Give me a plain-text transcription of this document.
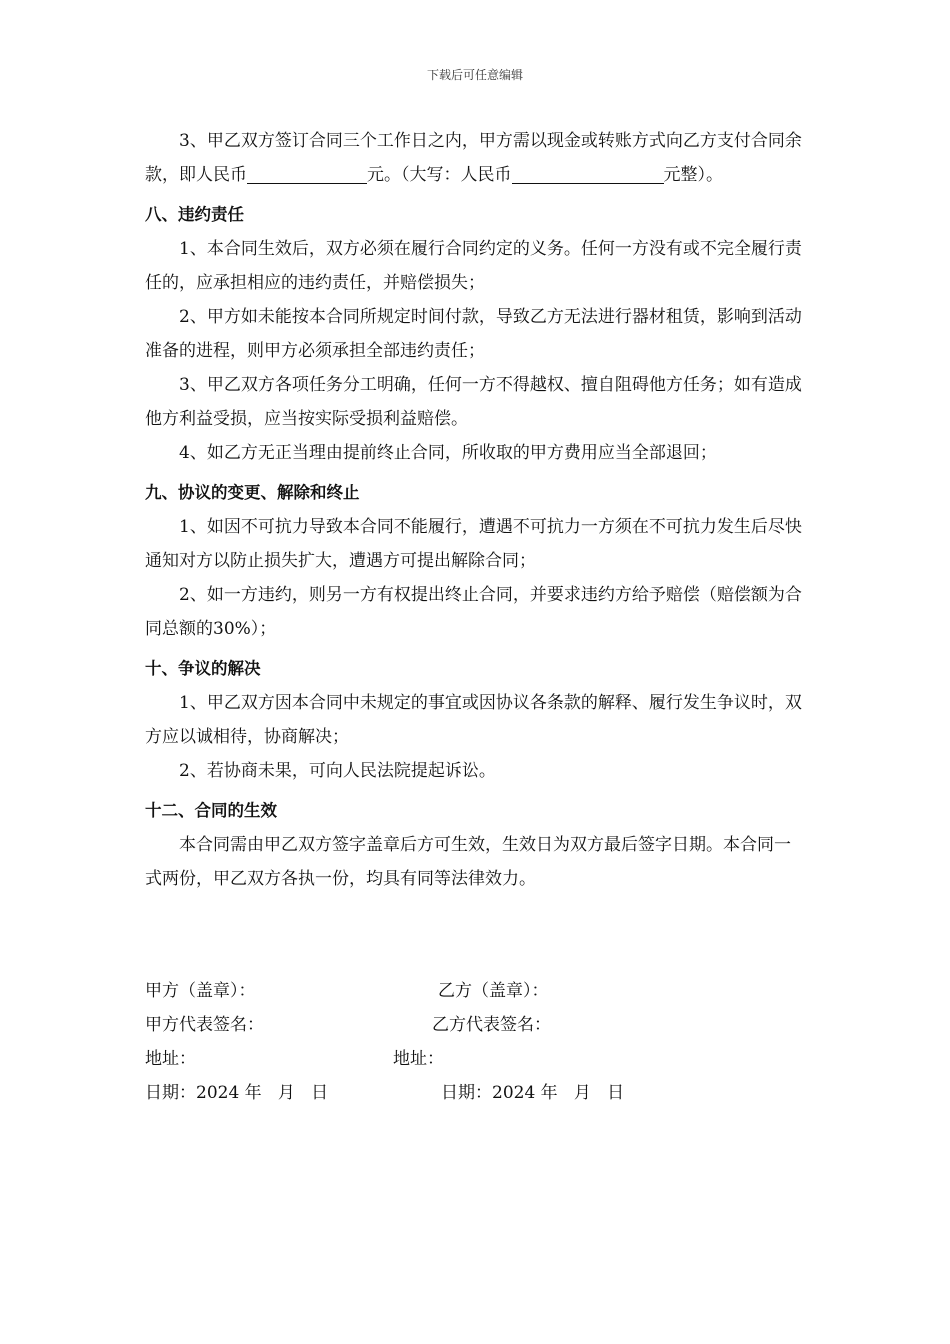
下载后可任意编辑

3、甲乙双方签订合同三个工作日之内，甲方需以现金或转账方式向乙方支付合同余款，即人民币	元。（大写：人民币	元整）。

八、违约责任

1、本合同生效后，双方必须在履行合同约定的义务。任何一方没有或不完全履行责任的，应承担相应的违约责任，并赔偿损失；

2、甲方如未能按本合同所规定时间付款，导致乙方无法进行器材租赁，影响到活动准备的进程，则甲方必须承担全部违约责任；

3、甲乙双方各项任务分工明确，任何一方不得越权、擅自阻碍他方任务；如有造成他方利益受损，应当按实际受损利益赔偿。

4、如乙方无正当理由提前终止合同，所收取的甲方费用应当全部退回；

九、协议的变更、解除和终止

1、如因不可抗力导致本合同不能履行，遭遇不可抗力一方须在不可抗力发生后尽快通知对方以防止损失扩大，遭遇方可提出解除合同；

2、如一方违约，则另一方有权提出终止合同，并要求违约方给予赔偿（赔偿额为合同总额的30%）；

十、争议的解决

1、甲乙双方因本合同中未规定的事宜或因协议各条款的解释、履行发生争议时，双方应以诚相待，协商解决；

2、若协商未果，可向人民法院提起诉讼。

十二、合同的生效

本合同需由甲乙双方签字盖章后方可生效，生效日为双方最后签字日期。本合同一式两份，甲乙双方各执一份，均具有同等法律效力。

甲方（盖章）：	乙方（盖章）：
甲方代表签名：	乙方代表签名：
地址：	地址：
日期：2024 年   月   日	日期：2024 年   月   日
